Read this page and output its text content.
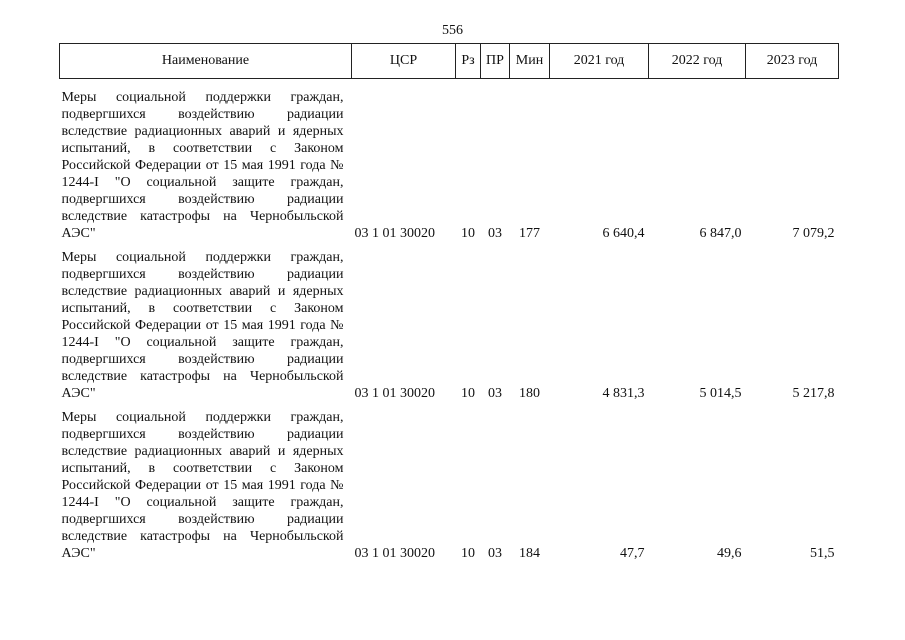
556
Наименование	ЦСР	Рз	ПР	Мин	2021 год	2022 год	2023 год
Меры социальной поддержки граждан, подвергшихся воздействию радиации вследствие радиационных аварий и ядерных испытаний, в соответствии с Законом Российской Федерации от 15 мая 1991 года № 1244-I "О социальной защите граждан, подвергшихся воздействию радиации вследствие катастрофы на Чернобыльской АЭС"	03 1 01 30020	10	03	177	6 640,4	6 847,0	7 079,2
Меры социальной поддержки граждан, подвергшихся воздействию радиации вследствие радиационных аварий и ядерных испытаний, в соответствии с Законом Российской Федерации от 15 мая 1991 года № 1244-I "О социальной защите граждан, подвергшихся воздействию радиации вследствие катастрофы на Чернобыльской АЭС"	03 1 01 30020	10	03	180	4 831,3	5 014,5	5 217,8
Меры социальной поддержки граждан, подвергшихся воздействию радиации вследствие радиационных аварий и ядерных испытаний, в соответствии с Законом Российской Федерации от 15 мая 1991 года № 1244-I "О социальной защите граждан, подвергшихся воздействию радиации вследствие катастрофы на Чернобыльской АЭС"	03 1 01 30020	10	03	184	47,7	49,6	51,5
